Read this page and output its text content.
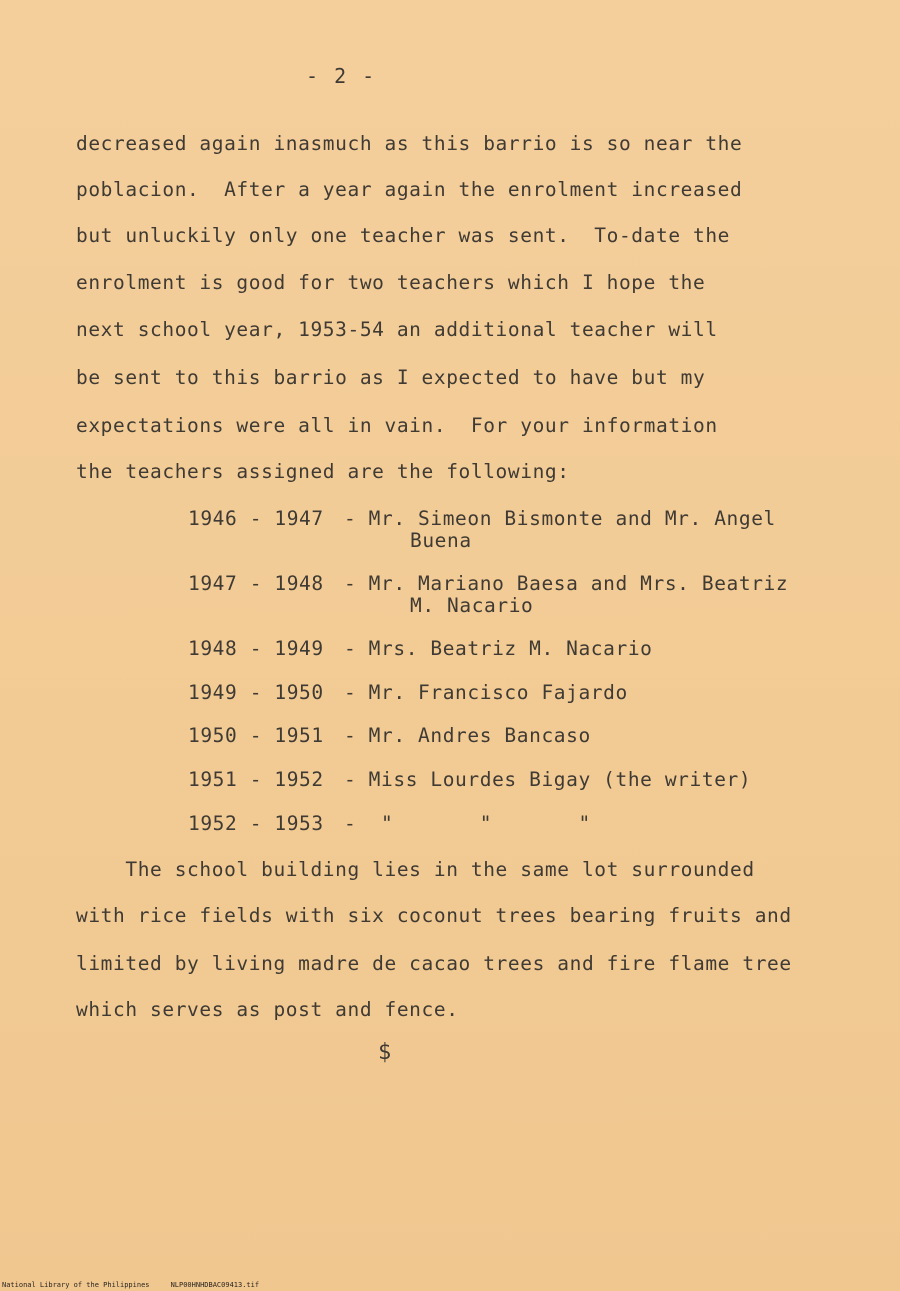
- 2 -
decreased again inasmuch as this barrio is so near the
poblacion.  After a year again the enrolment increased
but unluckily only one teacher was sent.  To-date the
enrolment is good for two teachers which I hope the
next school year, 1953-54 an additional teacher will
be sent to this barrio as I expected to have but my
expectations were all in vain.  For your information
the teachers assigned are the following:
1946 - 1947 - Mr. Simeon Bismonte and Mr. Angel
Buena
1947 - 1948 - Mr. Mariano Baesa and Mrs. Beatriz
M. Nacario
1948 - 1949 - Mrs. Beatriz M. Nacario
1949 - 1950 - Mr. Francisco Fajardo
1950 - 1951 - Mr. Andres Bancaso
1951 - 1952 - Miss Lourdes Bigay (the writer)
1952 - 1953 -  "       "       "
The school building lies in the same lot surrounded
with rice fields with six coconut trees bearing fruits and
limited by living madre de cacao trees and fire flame tree
which serves as post and fence.
$
National Library of the Philippines     NLP00HNHDBAC09413.tif
